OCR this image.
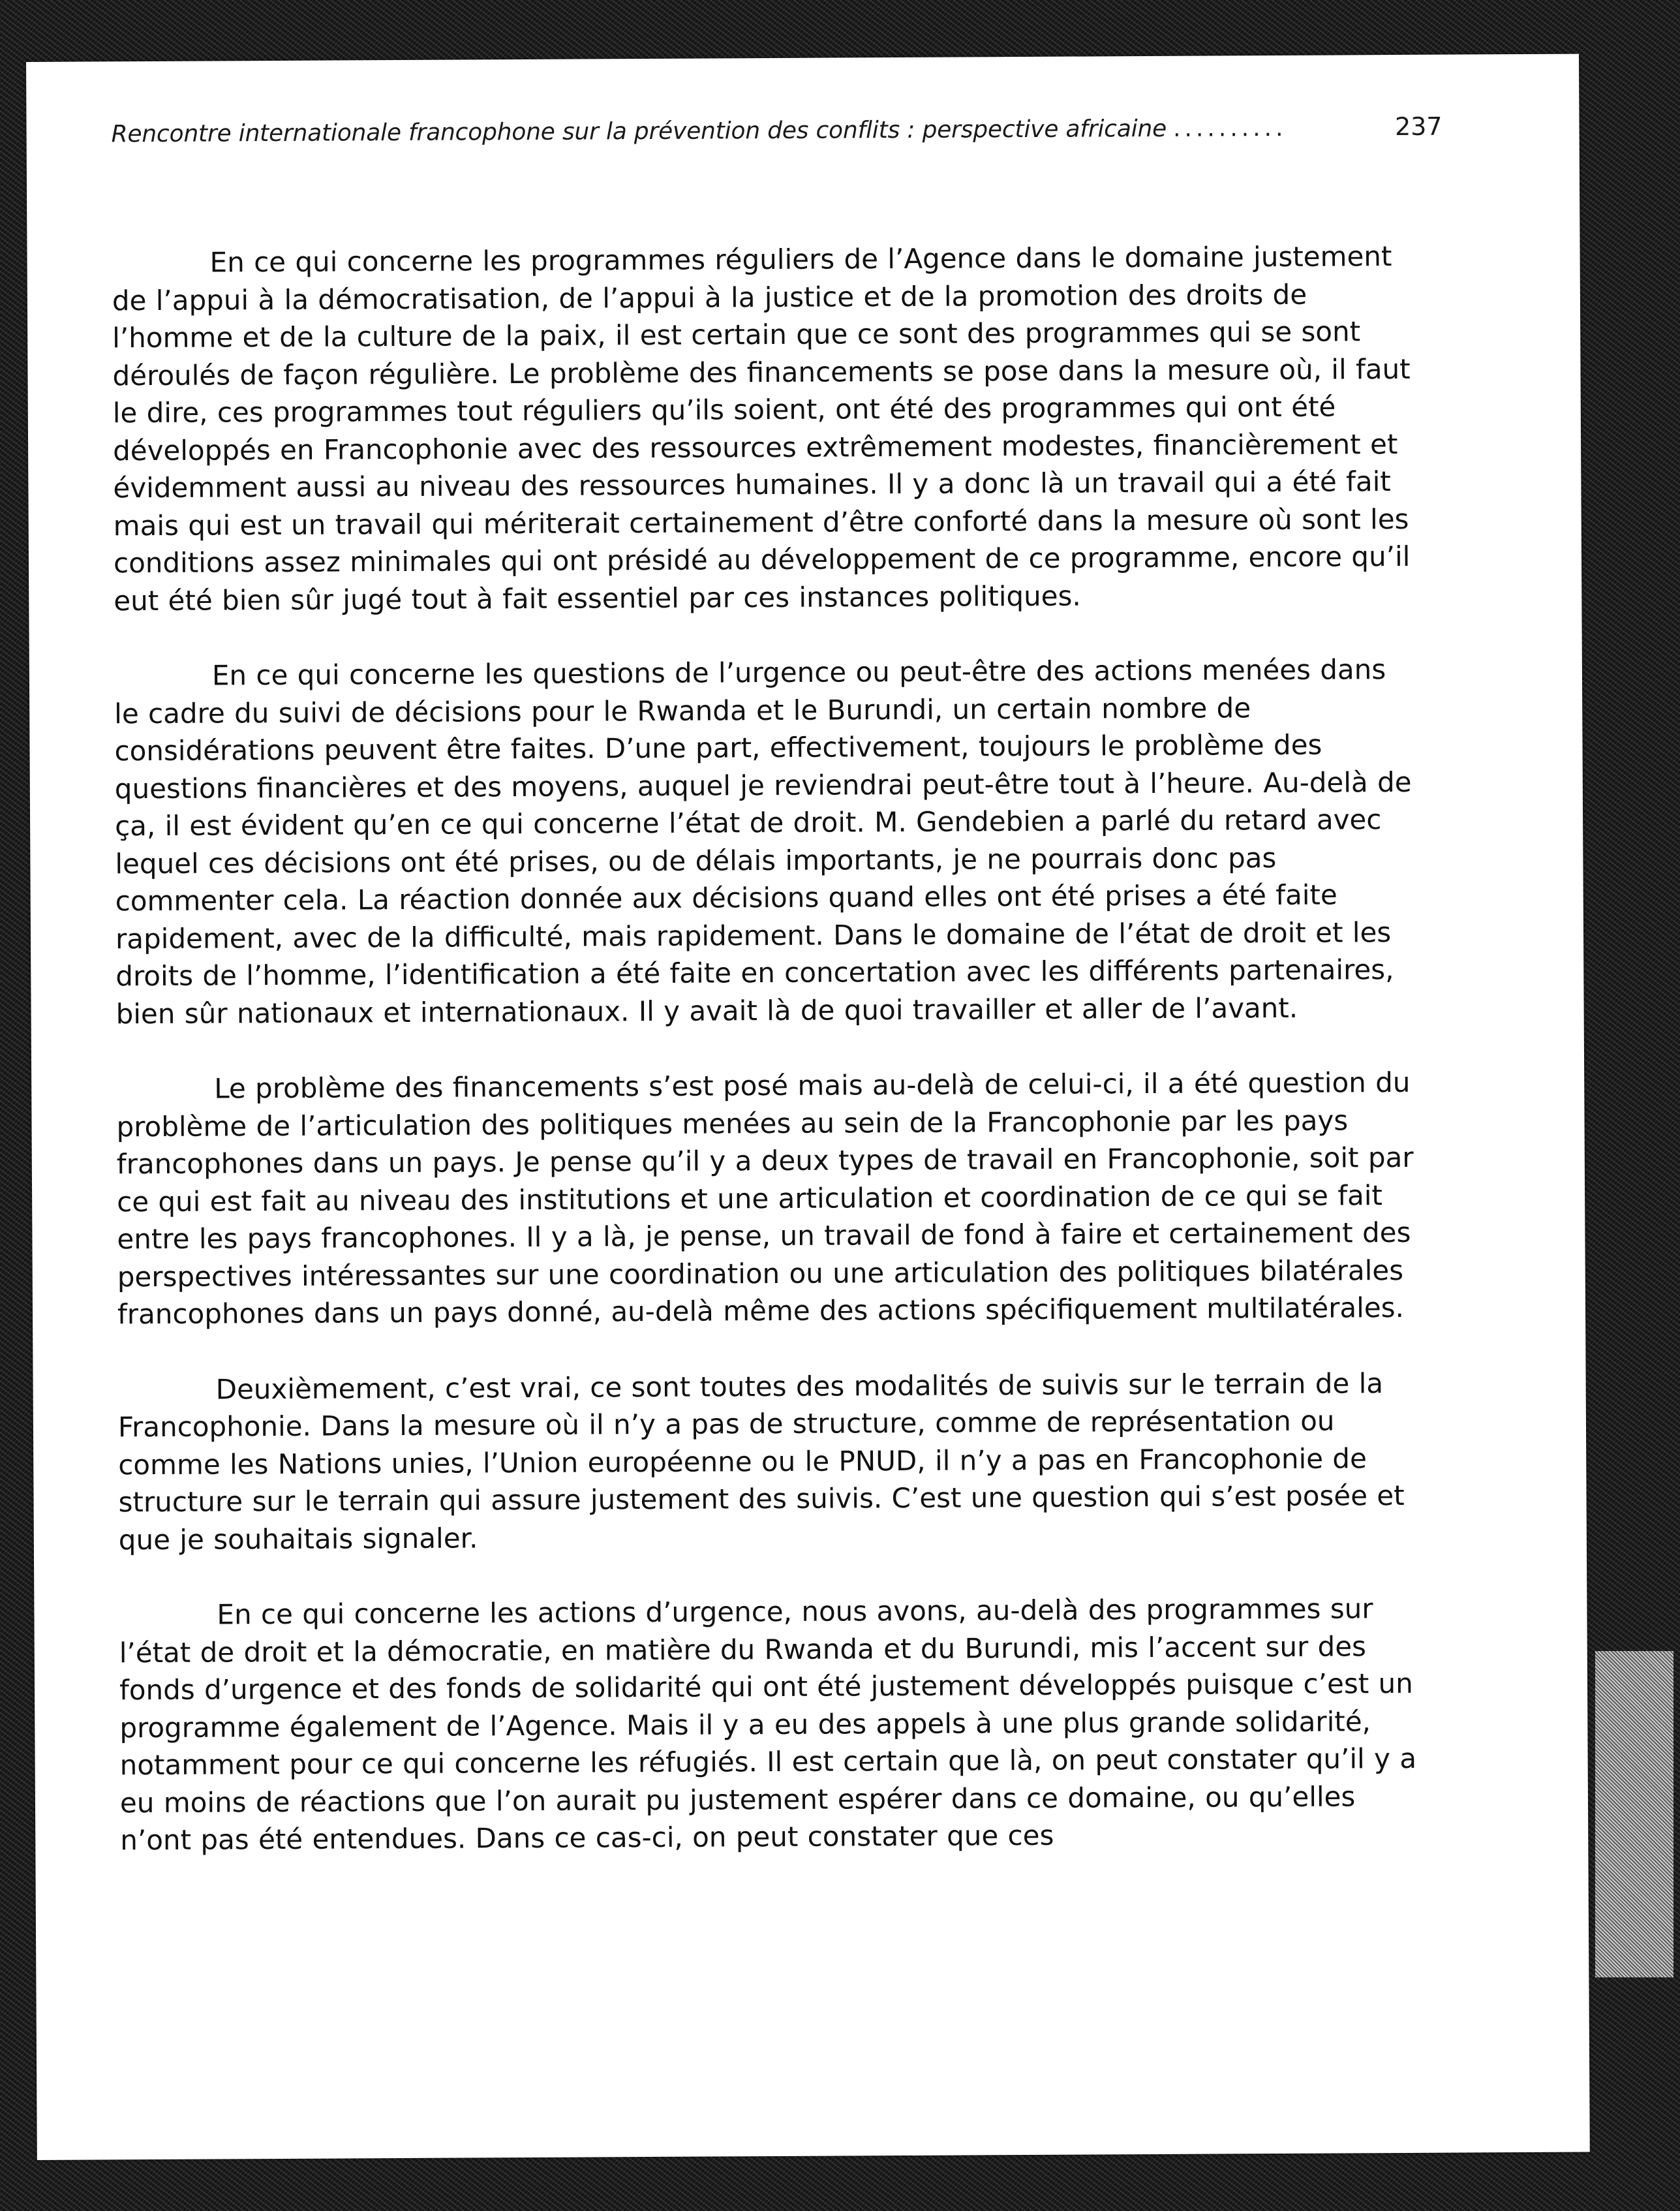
Rencontre internationale francophone sur la prévention des conflits : perspective africaine ..........	237

En ce qui concerne les programmes réguliers de l’Agence dans le domaine justement de l’appui à la démocratisation, de l’appui à la justice et de la promotion des droits de l’homme et de la culture de la paix, il est certain que ce sont des programmes qui se sont déroulés de façon régulière. Le problème des financements se pose dans la mesure où, il faut le dire, ces programmes tout réguliers qu’ils soient, ont été des programmes qui ont été développés en Francophonie avec des ressources extrêmement modestes, financièrement et évidemment aussi au niveau des ressources humaines. Il y a donc là un travail qui a été fait mais qui est un travail qui mériterait certainement d’être conforté dans la mesure où sont les conditions assez minimales qui ont présidé au développement de ce programme, encore qu’il eut été bien sûr jugé tout à fait essentiel par ces instances politiques.

En ce qui concerne les questions de l’urgence ou peut-être des actions menées dans le cadre du suivi de décisions pour le Rwanda et le Burundi, un certain nombre de considérations peuvent être faites. D’une part, effectivement, toujours le problème des questions financières et des moyens, auquel je reviendrai peut-être tout à l’heure. Au-delà de ça, il est évident qu’en ce qui concerne l’état de droit. M. Gendebien a parlé du retard avec lequel ces décisions ont été prises, ou de délais importants, je ne pourrais donc pas commenter cela. La réaction donnée aux décisions quand elles ont été prises a été faite rapidement, avec de la difficulté, mais rapidement. Dans le domaine de l’état de droit et les droits de l’homme, l’identification a été faite en concertation avec les différents partenaires, bien sûr nationaux et internationaux. Il y avait là de quoi travailler et aller de l’avant.

Le problème des financements s’est posé mais au-delà de celui-ci, il a été question du problème de l’articulation des politiques menées au sein de la Francophonie par les pays francophones dans un pays. Je pense qu’il y a deux types de travail en Francophonie, soit par ce qui est fait au niveau des institutions et une articulation et coordination de ce qui se fait entre les pays francophones. Il y a là, je pense, un travail de fond à faire et certainement des perspectives intéressantes sur une coordination ou une articulation des politiques bilatérales francophones dans un pays donné, au-delà même des actions spécifiquement multilatérales.

Deuxièmement, c’est vrai, ce sont toutes des modalités de suivis sur le terrain de la Francophonie. Dans la mesure où il n’y a pas de structure, comme de représentation ou comme les Nations unies, l’Union européenne ou le PNUD, il n’y a pas en Francophonie de structure sur le terrain qui assure justement des suivis. C’est une question qui s’est posée et que je souhaitais signaler.

En ce qui concerne les actions d’urgence, nous avons, au-delà des programmes sur l’état de droit et la démocratie, en matière du Rwanda et du Burundi, mis l’accent sur des fonds d’urgence et des fonds de solidarité qui ont été justement développés puisque c’est un programme également de l’Agence. Mais il y a eu des appels à une plus grande solidarité, notamment pour ce qui concerne les réfugiés. Il est certain que là, on peut constater qu’il y a eu moins de réactions que l’on aurait pu justement espérer dans ce domaine, ou qu’elles n’ont pas été entendues. Dans ce cas-ci, on peut constater que ces
